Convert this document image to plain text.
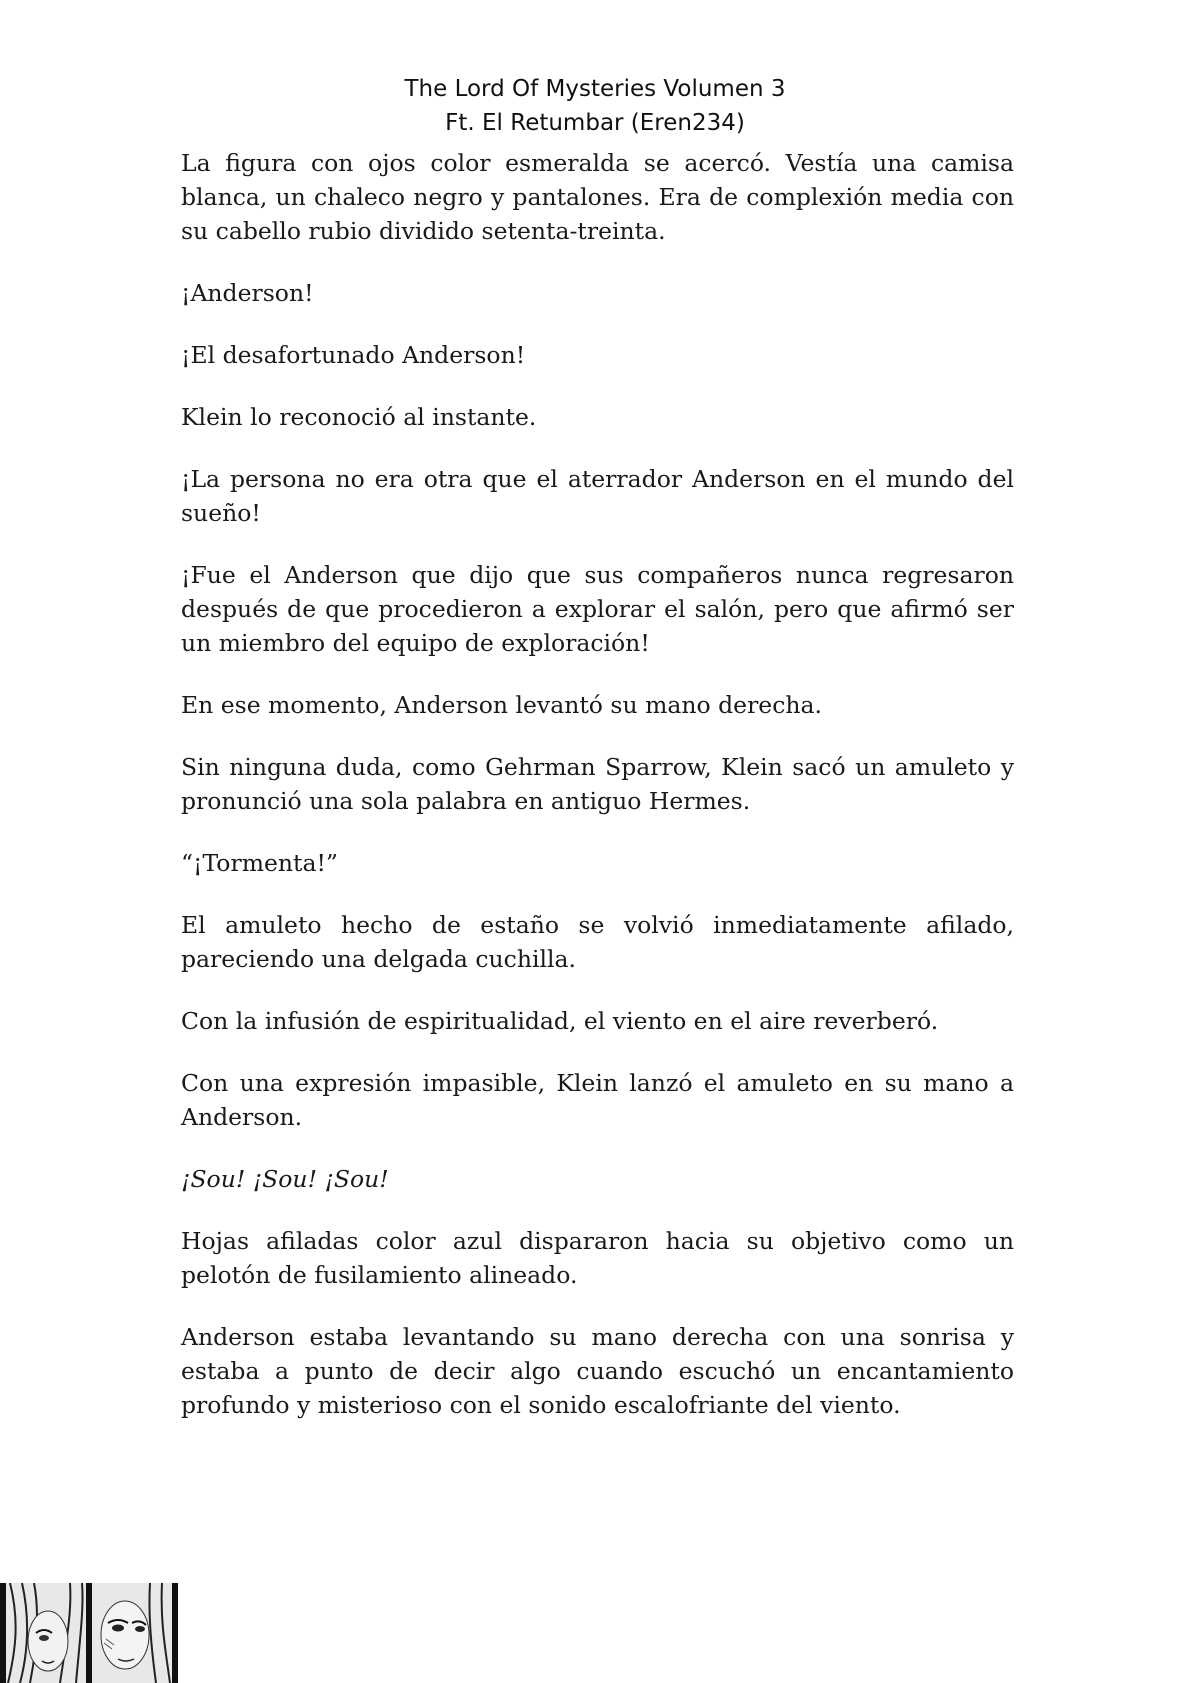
The Lord Of Mysteries Volumen 3
Ft. El Retumbar (Eren234)

La figura con ojos color esmeralda se acercó. Vestía una camisa blanca, un chaleco negro y pantalones. Era de complexión media con su cabello rubio dividido setenta-treinta.

¡Anderson!

¡El desafortunado Anderson!

Klein lo reconoció al instante.

¡La persona no era otra que el aterrador Anderson en el mundo del sueño!

¡Fue el Anderson que dijo que sus compañeros nunca regresaron después de que procedieron a explorar el salón, pero que afirmó ser un miembro del equipo de exploración!

En ese momento, Anderson levantó su mano derecha.

Sin ninguna duda, como Gehrman Sparrow, Klein sacó un amuleto y pronunció una sola palabra en antiguo Hermes.

“¡Tormenta!”

El amuleto hecho de estaño se volvió inmediatamente afilado, pareciendo una delgada cuchilla.

Con la infusión de espiritualidad, el viento en el aire reverberó.

Con una expresión impasible, Klein lanzó el amuleto en su mano a Anderson.

¡Sou! ¡Sou! ¡Sou!

Hojas afiladas color azul dispararon hacia su objetivo como un pelotón de fusilamiento alineado.

Anderson estaba levantando su mano derecha con una sonrisa y estaba a punto de decir algo cuando escuchó un encantamiento profundo y misterioso con el sonido escalofriante del viento.
